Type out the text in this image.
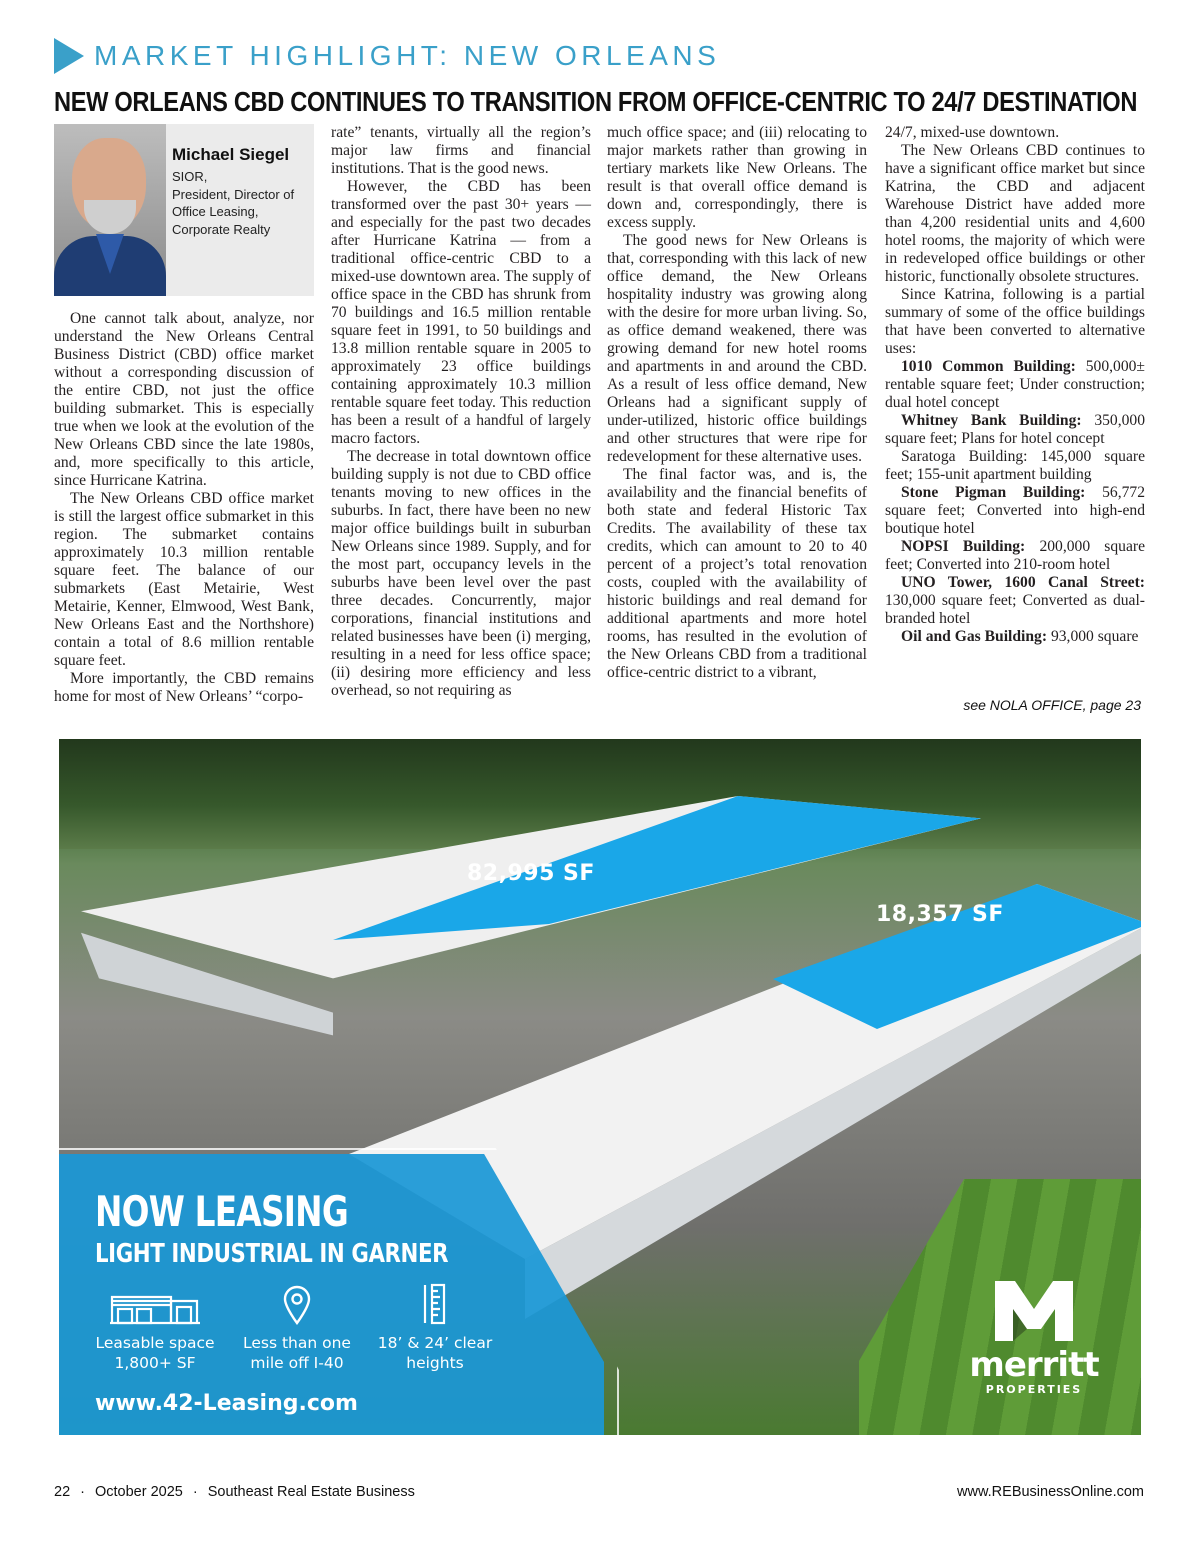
MARKET HIGHLIGHT: NEW ORLEANS
NEW ORLEANS CBD CONTINUES TO TRANSITION FROM OFFICE-CENTRIC TO 24/7 DESTINATION
Michael Siegel
SIOR,
President, Director of
Office Leasing,
Corporate Realty

One cannot talk about, analyze, nor understand the New Orleans Central Business District (CBD) office market without a corresponding discussion of the entire CBD, not just the office building submarket. This is especially true when we look at the evolution of the New Orleans CBD since the late 1980s, and, more specifically to this article, since Hurricane Katrina.

The New Orleans CBD office market is still the largest office submarket in this region. The submarket contains approximately 10.3 million rentable square feet. The balance of our submarkets (East Metairie, West Metairie, Kenner, Elmwood, West Bank, New Orleans East and the Northshore) contain a total of 8.6 million rentable square feet.

More importantly, the CBD remains home for most of New Orleans’ “corpo-

rate” tenants, virtually all the region’s major law firms and financial institutions. That is the good news.

However, the CBD has been transformed over the past 30+ years — and especially for the past two decades after Hurricane Katrina — from a traditional office-centric CBD to a mixed-use downtown area. The supply of office space in the CBD has shrunk from 70 buildings and 16.5 million rentable square feet in 1991, to 50 buildings and 13.8 million rentable square in 2005 to approximately 23 office buildings containing approximately 10.3 million rentable square feet today. This reduction has been a result of a handful of largely macro factors.

The decrease in total downtown office building supply is not due to CBD office tenants moving to new offices in the suburbs. In fact, there have been no new major office buildings built in suburban New Orleans since 1989. Supply, and for the most part, occupancy levels in the suburbs have been level over the past three decades. Concurrently, major corporations, financial institutions and related businesses have been (i) merging, resulting in a need for less office space; (ii) desiring more efficiency and less overhead, so not requiring as

much office space; and (iii) relocating to major markets rather than growing in tertiary markets like New Orleans. The result is that overall office demand is down and, correspondingly, there is excess supply.

The good news for New Orleans is that, corresponding with this lack of new office demand, the New Orleans hospitality industry was growing along with the desire for more urban living. So, as office demand weakened, there was growing demand for new hotel rooms and apartments in and around the CBD. As a result of less office demand, New Orleans had a significant supply of under-utilized, historic office buildings and other structures that were ripe for redevelopment for these alternative uses.

The final factor was, and is, the availability and the financial benefits of both state and federal Historic Tax Credits. The availability of these tax credits, which can amount to 20 to 40 percent of a project’s total renovation costs, coupled with the availability of historic buildings and real demand for additional apartments and more hotel rooms, has resulted in the evolution of the New Orleans CBD from a traditional office-centric district to a vibrant,

24/7, mixed-use downtown.

The New Orleans CBD continues to have a significant office market but since Katrina, the CBD and adjacent Warehouse District have added more than 4,200 residential units and 4,600 hotel rooms, the majority of which were in redeveloped office buildings or other historic, functionally obsolete structures.

Since Katrina, following is a partial summary of some of the office buildings that have been converted to alternative uses:

1010 Common Building: 500,000± rentable square feet; Under construction; dual hotel concept

Whitney Bank Building: 350,000 square feet; Plans for hotel concept

Saratoga Building: 145,000 square feet; 155-unit apartment building

Stone Pigman Building: 56,772 square feet; Converted into high-end boutique hotel

NOPSI Building: 200,000 square feet; Converted into 210-room hotel

UNO Tower, 1600 Canal Street: 130,000 square feet; Converted as dual-branded hotel

Oil and Gas Building: 93,000 square

see NOLA OFFICE, page 23
82,995 SF
18,357 SF
NOW LEASING
LIGHT INDUSTRIAL IN GARNER
Leasable space 1,800+ SF
Less than one mile off I-40
18’ & 24’ clear heights
www.42-Leasing.com
merritt
PROPERTIES
22 · October 2025 · Southeast Real Estate Business	www.REBusinessOnline.com
